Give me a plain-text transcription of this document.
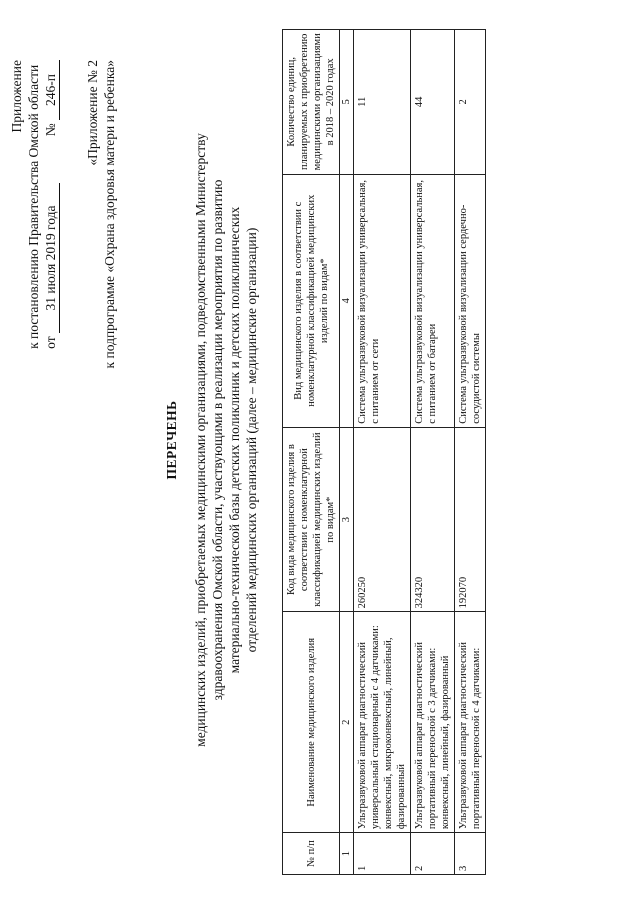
Приложение к постановлению Правительства Омской области от 31 июля 2019 года  № 246-п «Приложение № 2 к подпрограмме «Охрана здоровья матери и ребенка»
ПЕРЕЧЕНЬ медицинских изделий, приобретаемых медицинскими организациями, подведомственными Министерству здравоохранения Омской области, участвующими в реализации мероприятия по развитию материально-технической базы детских поликлиник и детских поликлинических отделений медицинских организаций (далее – медицинские организации)
№ п/п	Наименование медицинского изделия	Код вида медицинского изделия в соответствии с номенклатурной классификацией медицинских изделий по видам*	Вид медицинского изделия в соответствии с номенклатурной классификацией медицинских изделий по видам*	Количество единиц, планируемых к приобретению медицинскими организациями в 2018 – 2020 годах
1	2	3	4	5
1	Ультразвуковой аппарат диагностический универсальный стационарный с 4 датчиками: конвексный, микроконвексный, линейный, фазированный	260250	Система ультразвуковой визуализации универсальная, с питанием от сети	11
2	Ультразвуковой аппарат диагностический портативный переносной с 3 датчиками: конвексный, линейный, фазированный	324320	Система ультразвуковой визуализации универсальная, с питанием от батареи	44
3	Ультразвуковой аппарат диагностический портативный переносной с 4 датчиками:	192070	Система ультразвуковой визуализации сердечно-сосудистой системы	2
